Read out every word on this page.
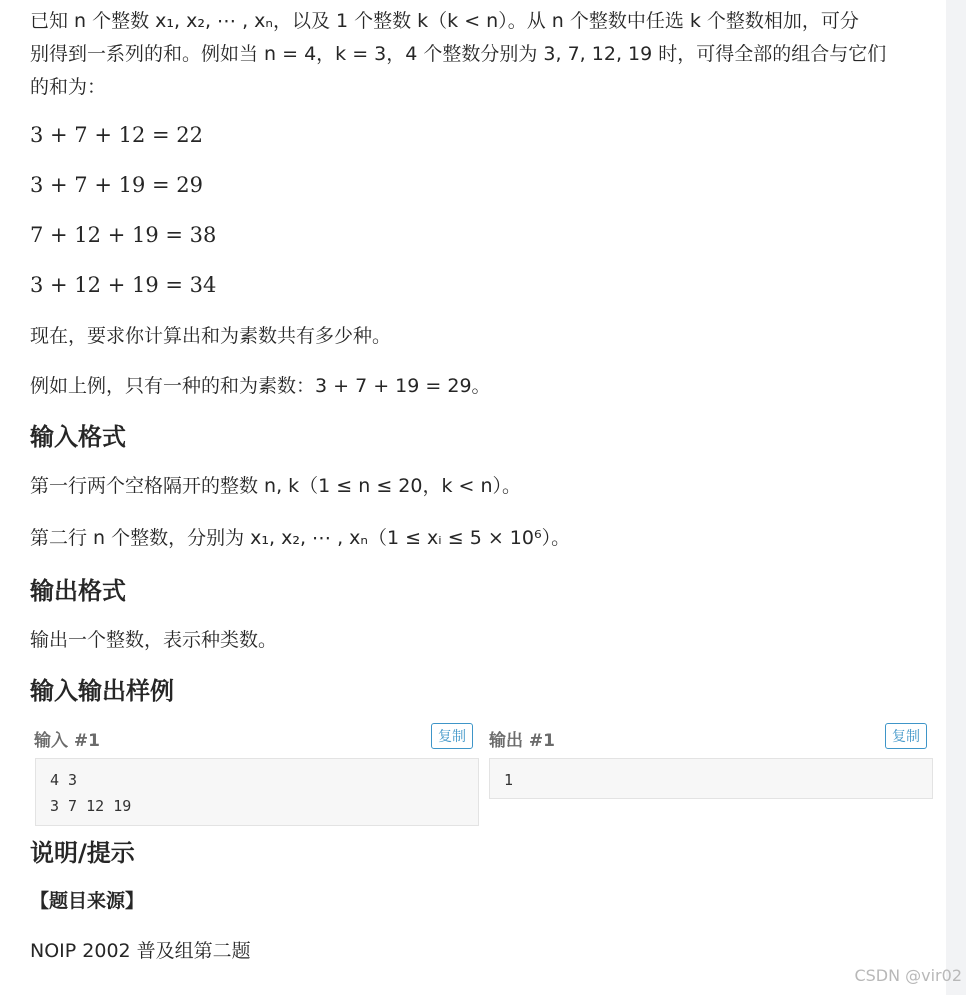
已知 n 个整数 x₁, x₂, ⋯ , xₙ，以及 1 个整数 k（k < n）。从 n 个整数中任选 k 个整数相加，可分

别得到一系列的和。例如当 n = 4，k = 3，4 个整数分别为 3, 7, 12, 19 时，可得全部的组合与它们

的和为：

3 + 7 + 12 = 22

3 + 7 + 19 = 29

7 + 12 + 19 = 38

3 + 12 + 19 = 34

现在，要求你计算出和为素数共有多少种。

例如上例，只有一种的和为素数：3 + 7 + 19 = 29。

输入格式

第一行两个空格隔开的整数 n, k（1 ≤ n ≤ 20，k < n）。

第二行 n 个整数，分别为 x₁, x₂, ⋯ , xₙ（1 ≤ xᵢ ≤ 5 × 10⁶）。

输出格式

输出一个整数，表示种类数。

输入输出样例
输入 #1	复制
4 3
3 7 12 19
输出 #1	复制
1
说明/提示

【题目来源】

NOIP 2002 普及组第二题

CSDN @vir02
